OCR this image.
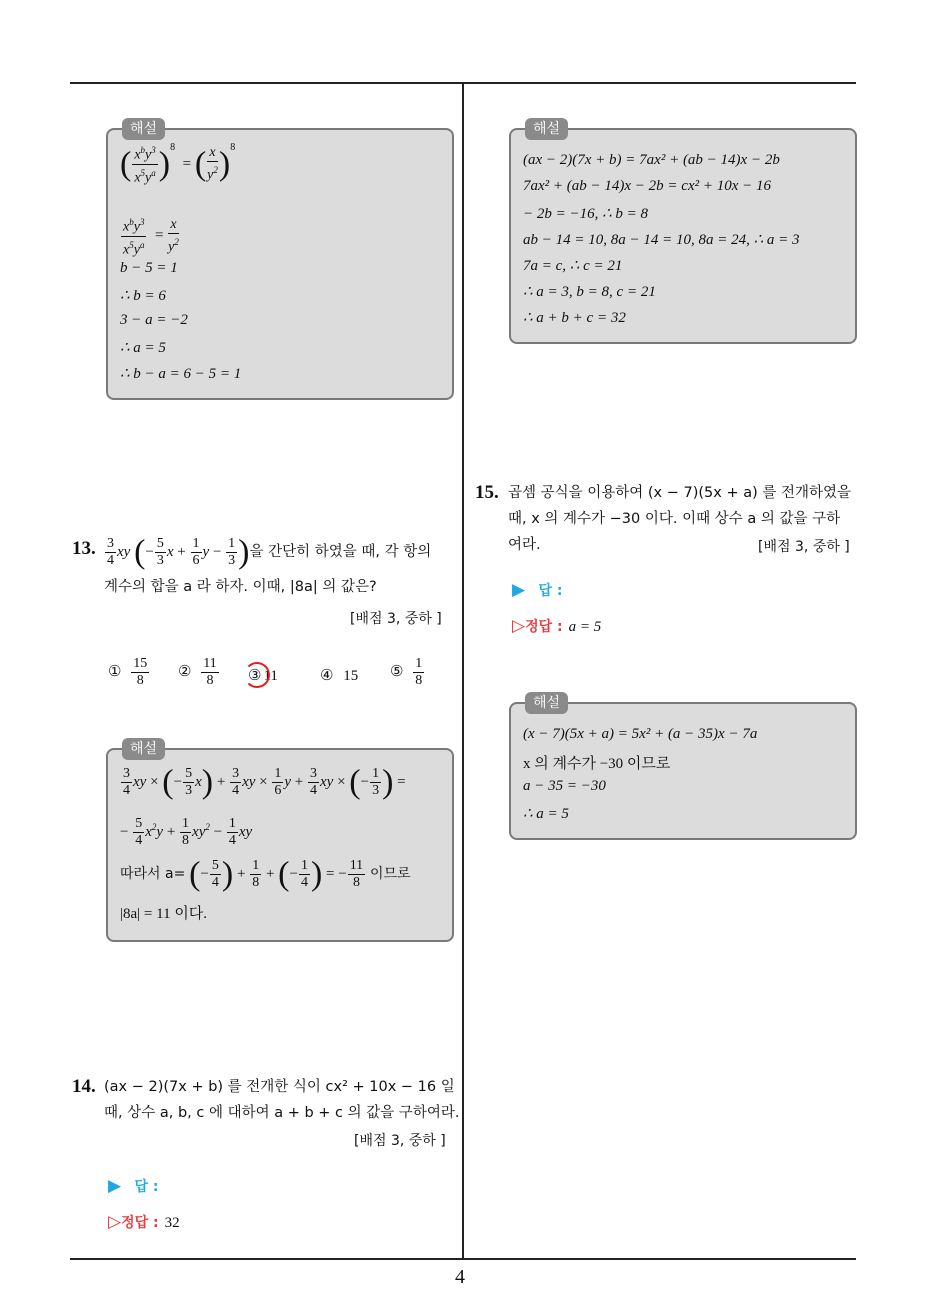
4
해설
( $\frac{x^by^3}{x^5y^a} )^8$  = ( $\frac{x}{y^2} )^8$
$\frac{x^by^3}{x^5y^a} = \frac{x}{y^2}$
b − 5 = 1
∴ b = 6
3 − a = −2
∴ a = 5
∴ b − a = 6 − 5 = 1
13. $\frac{3}{4}$ xy (− $\frac{5}{3}$ $x + \frac{1}{6}$ $y - \frac{1}{3}$ )을 간단히 하였을 때, 각 항의
계수의 합을 a 라 하자. 이때, |8a| 의 값은?
[배점 3, 중하 ]
① $\frac{15}{8}$ ② $\frac{11}{8}$ ③ 11	④ 15 ⑤ $\frac{1}{8}$
해설
$\frac{3}{4}$ xy × (− $\frac{5}{3} x) + \frac{3}{4}$ xy × $\frac{1}{6}$ $y + \frac{3}{4}$ xy × (− $\frac{1}{3}$ ) =
− $\frac{5}{4} x^2y + \frac{1}{8} xy^2 - \frac{1}{4}$ xy
따라서 a= (− $\frac{5}{4}$ ) + $\frac{1}{8}$ + (− $\frac{1}{4}$ ) = − $\frac{11}{8}$ 이므로
|8a| = 11 이다.
14. (ax − 2)(7x + b) 를 전개한 식이 cx² + 10x − 16 일
때, 상수 a, b, c 에 대하여 a + b + c 의 값을 구하여라.
[배점 3, 중하 ]
▶ 답 :
▷정답 : 32
해설
(ax − 2)(7x + b) = 7ax² + (ab − 14)x − 2b
7ax² + (ab − 14)x − 2b = cx² + 10x − 16
− 2b = −16, ∴ b = 8
ab − 14 = 10, 8a − 14 = 10, 8a = 24, ∴ a = 3
7a = c, ∴ c = 21
∴ a = 3, b = 8, c = 21
∴ a + b + c = 32
15. 곱셈 공식을 이용하여 (x − 7)(5x + a) 를 전개하였을
때, x 의 계수가 −30 이다. 이때 상수 a 의 값을 구하
여라.	[배점 3, 중하 ]
▶ 답 :
▷정답 : a = 5
해설
(x − 7)(5x + a) = 5x² + (a − 35)x − 7a
x 의 계수가 −30 이므로
a − 35 = −30
∴ a = 5
